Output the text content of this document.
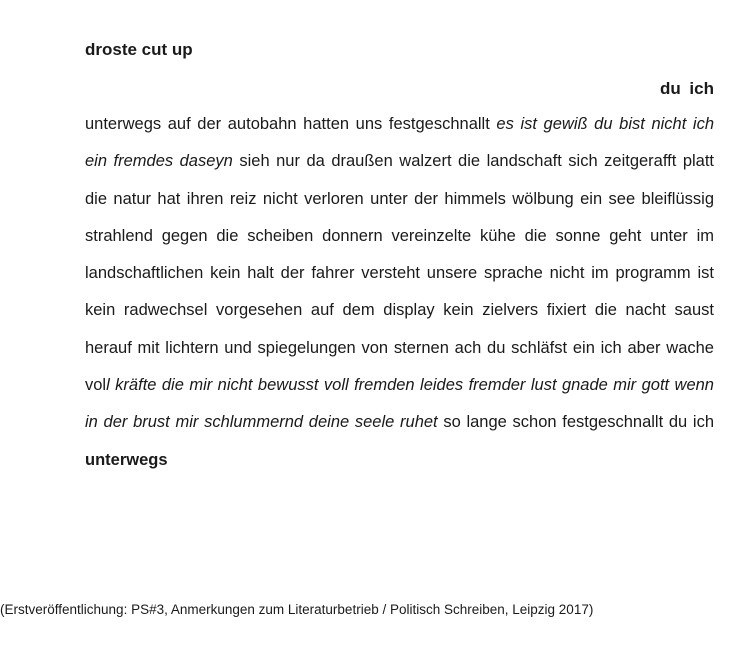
droste cut up
du ich

unterwegs auf der autobahn hatten uns festgeschnallt es ist gewiß du bist nicht ich ein fremdes daseyn sieh nur da draußen walzert die landschaft sich zeitgerafft platt die natur hat ihren reiz nicht verloren unter der himmels wölbung ein see bleiflüssig strahlend gegen die scheiben donnern vereinzelte kühe die sonne geht unter im landschaftlichen kein halt der fahrer versteht unsere sprache nicht im programm ist kein radwechsel vorgesehen auf dem display kein zielvers fixiert die nacht saust herauf mit lichtern und spiegelungen von sternen ach du schläfst ein ich aber wache voll kräfte die mir nicht bewusst voll fremden leides fremder lust gnade mir gott wenn in der brust mir schlummernd deine seele ruhet so lange schon festgeschnallt du ich unterwegs

(Erstveröffentlichung: PS#3, Anmerkungen zum Literaturbetrieb / Politisch Schreiben, Leipzig 2017)
